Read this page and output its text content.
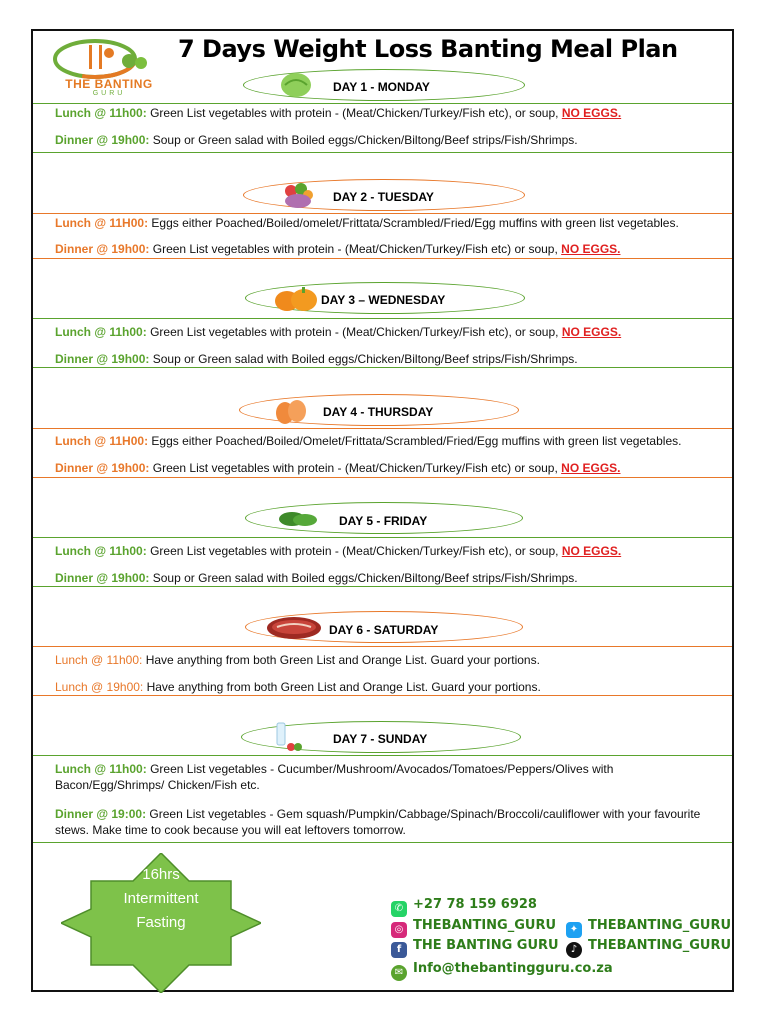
THE BANTING
GURU
7 Days Weight Loss Banting Meal Plan
DAY 1 - MONDAY
Lunch @ 11h00: Green List vegetables with protein - (Meat/Chicken/Turkey/Fish etc), or soup, NO EGGS.
Dinner @ 19h00: Soup or Green salad with Boiled eggs/Chicken/Biltong/Beef strips/Fish/Shrimps.
DAY 2 - TUESDAY
Lunch @ 11H00: Eggs either Poached/Boiled/omelet/Frittata/Scrambled/Fried/Egg muffins with green list vegetables.
Dinner @ 19h00: Green List vegetables with protein - (Meat/Chicken/Turkey/Fish etc) or soup, NO EGGS.
DAY 3 – WEDNESDAY
Lunch @ 11h00: Green List vegetables with protein - (Meat/Chicken/Turkey/Fish etc), or soup, NO EGGS.
Dinner @ 19h00: Soup or Green salad with Boiled eggs/Chicken/Biltong/Beef strips/Fish/Shrimps.
DAY 4 - THURSDAY
Lunch @ 11H00: Eggs either Poached/Boiled/Omelet/Frittata/Scrambled/Fried/Egg muffins with green list vegetables.
Dinner @ 19h00: Green List vegetables with protein - (Meat/Chicken/Turkey/Fish etc) or soup, NO EGGS.
DAY 5 - FRIDAY
Lunch @ 11h00: Green List vegetables with protein - (Meat/Chicken/Turkey/Fish etc), or soup, NO EGGS.
Dinner @ 19h00: Soup or Green salad with Boiled eggs/Chicken/Biltong/Beef strips/Fish/Shrimps.
DAY 6 - SATURDAY
Lunch @ 11h00: Have anything from both Green List and Orange List. Guard your portions.
Lunch @ 19h00: Have anything from both Green List and Orange List. Guard your portions.
DAY 7 - SUNDAY
Lunch @ 11h00: Green List vegetables - Cucumber/Mushroom/Avocados/Tomatoes/Peppers/Olives with Bacon/Egg/Shrimps/ Chicken/Fish etc.
Dinner @ 19:00: Green List vegetables - Gem squash/Pumpkin/Cabbage/Spinach/Broccoli/cauliflower with your favourite stews. Make time to cook because you will eat leftovers tomorrow.
16hrs
Intermittent
Fasting
✆ +27 78 159 6928
◎ THEBANTING_GURU	✦ THEBANTING_GURU
f THE BANTING GURU	♪ THEBANTING_GURU
✉ Info@thebantingguru.co.za
